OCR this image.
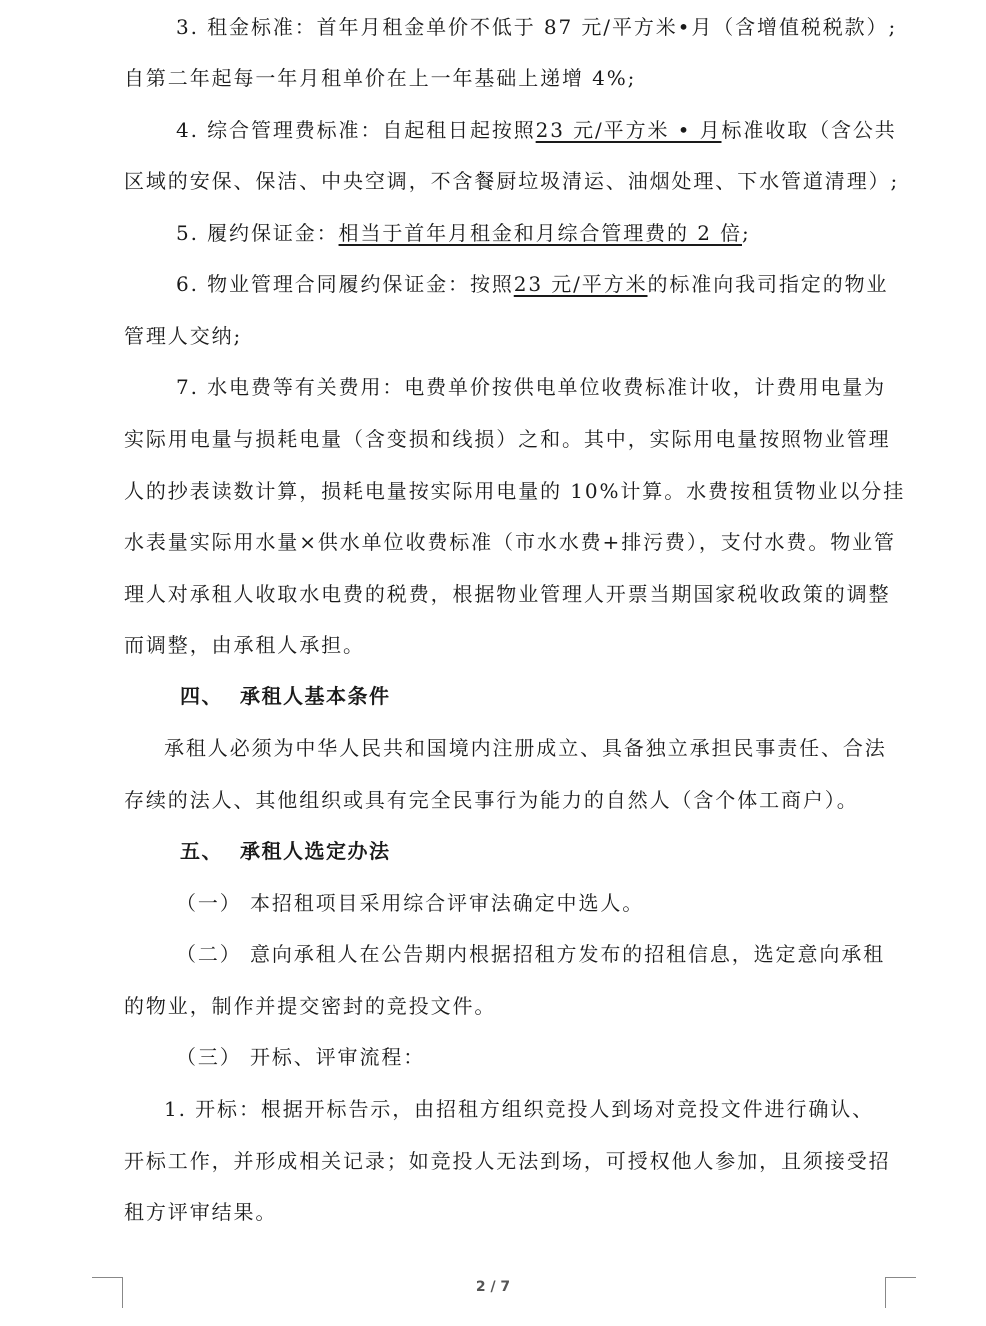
3. 租金标准：首年月租金单价不低于 87 元/平方米•月（含增值税税款）;
自第二年起每一年月租单价在上一年基础上递增 4%;
4. 综合管理费标准：自起租日起按照23 元/平方米 • 月标准收取（含公共
区域的安保、保洁、中央空调，不含餐厨垃圾清运、油烟处理、下水管道清理）;
5. 履约保证金：相当于首年月租金和月综合管理费的 2 倍;
6. 物业管理合同履约保证金：按照23 元/平方米的标准向我司指定的物业
管理人交纳;
7. 水电费等有关费用：电费单价按供电单位收费标准计收，计费用电量为
实际用电量与损耗电量（含变损和线损）之和。其中，实际用电量按照物业管理
人的抄表读数计算，损耗电量按实际用电量的 10%计算。水费按租赁物业以分挂
水表量实际用水量×供水单位收费标准（市水水费+排污费），支付水费。物业管
理人对承租人收取水电费的税费，根据物业管理人开票当期国家税收政策的调整
而调整，由承租人承担。
四、 承租人基本条件
承租人必须为中华人民共和国境内注册成立、具备独立承担民事责任、合法
存续的法人、其他组织或具有完全民事行为能力的自然人（含个体工商户）。
五、 承租人选定办法
（一） 本招租项目采用综合评审法确定中选人。
（二） 意向承租人在公告期内根据招租方发布的招租信息，选定意向承租
的物业，制作并提交密封的竞投文件。
（三） 开标、评审流程：
1. 开标：根据开标告示，由招租方组织竞投人到场对竞投文件进行确认、
开标工作，并形成相关记录；如竞投人无法到场，可授权他人参加，且须接受招
租方评审结果。
2 / 7
